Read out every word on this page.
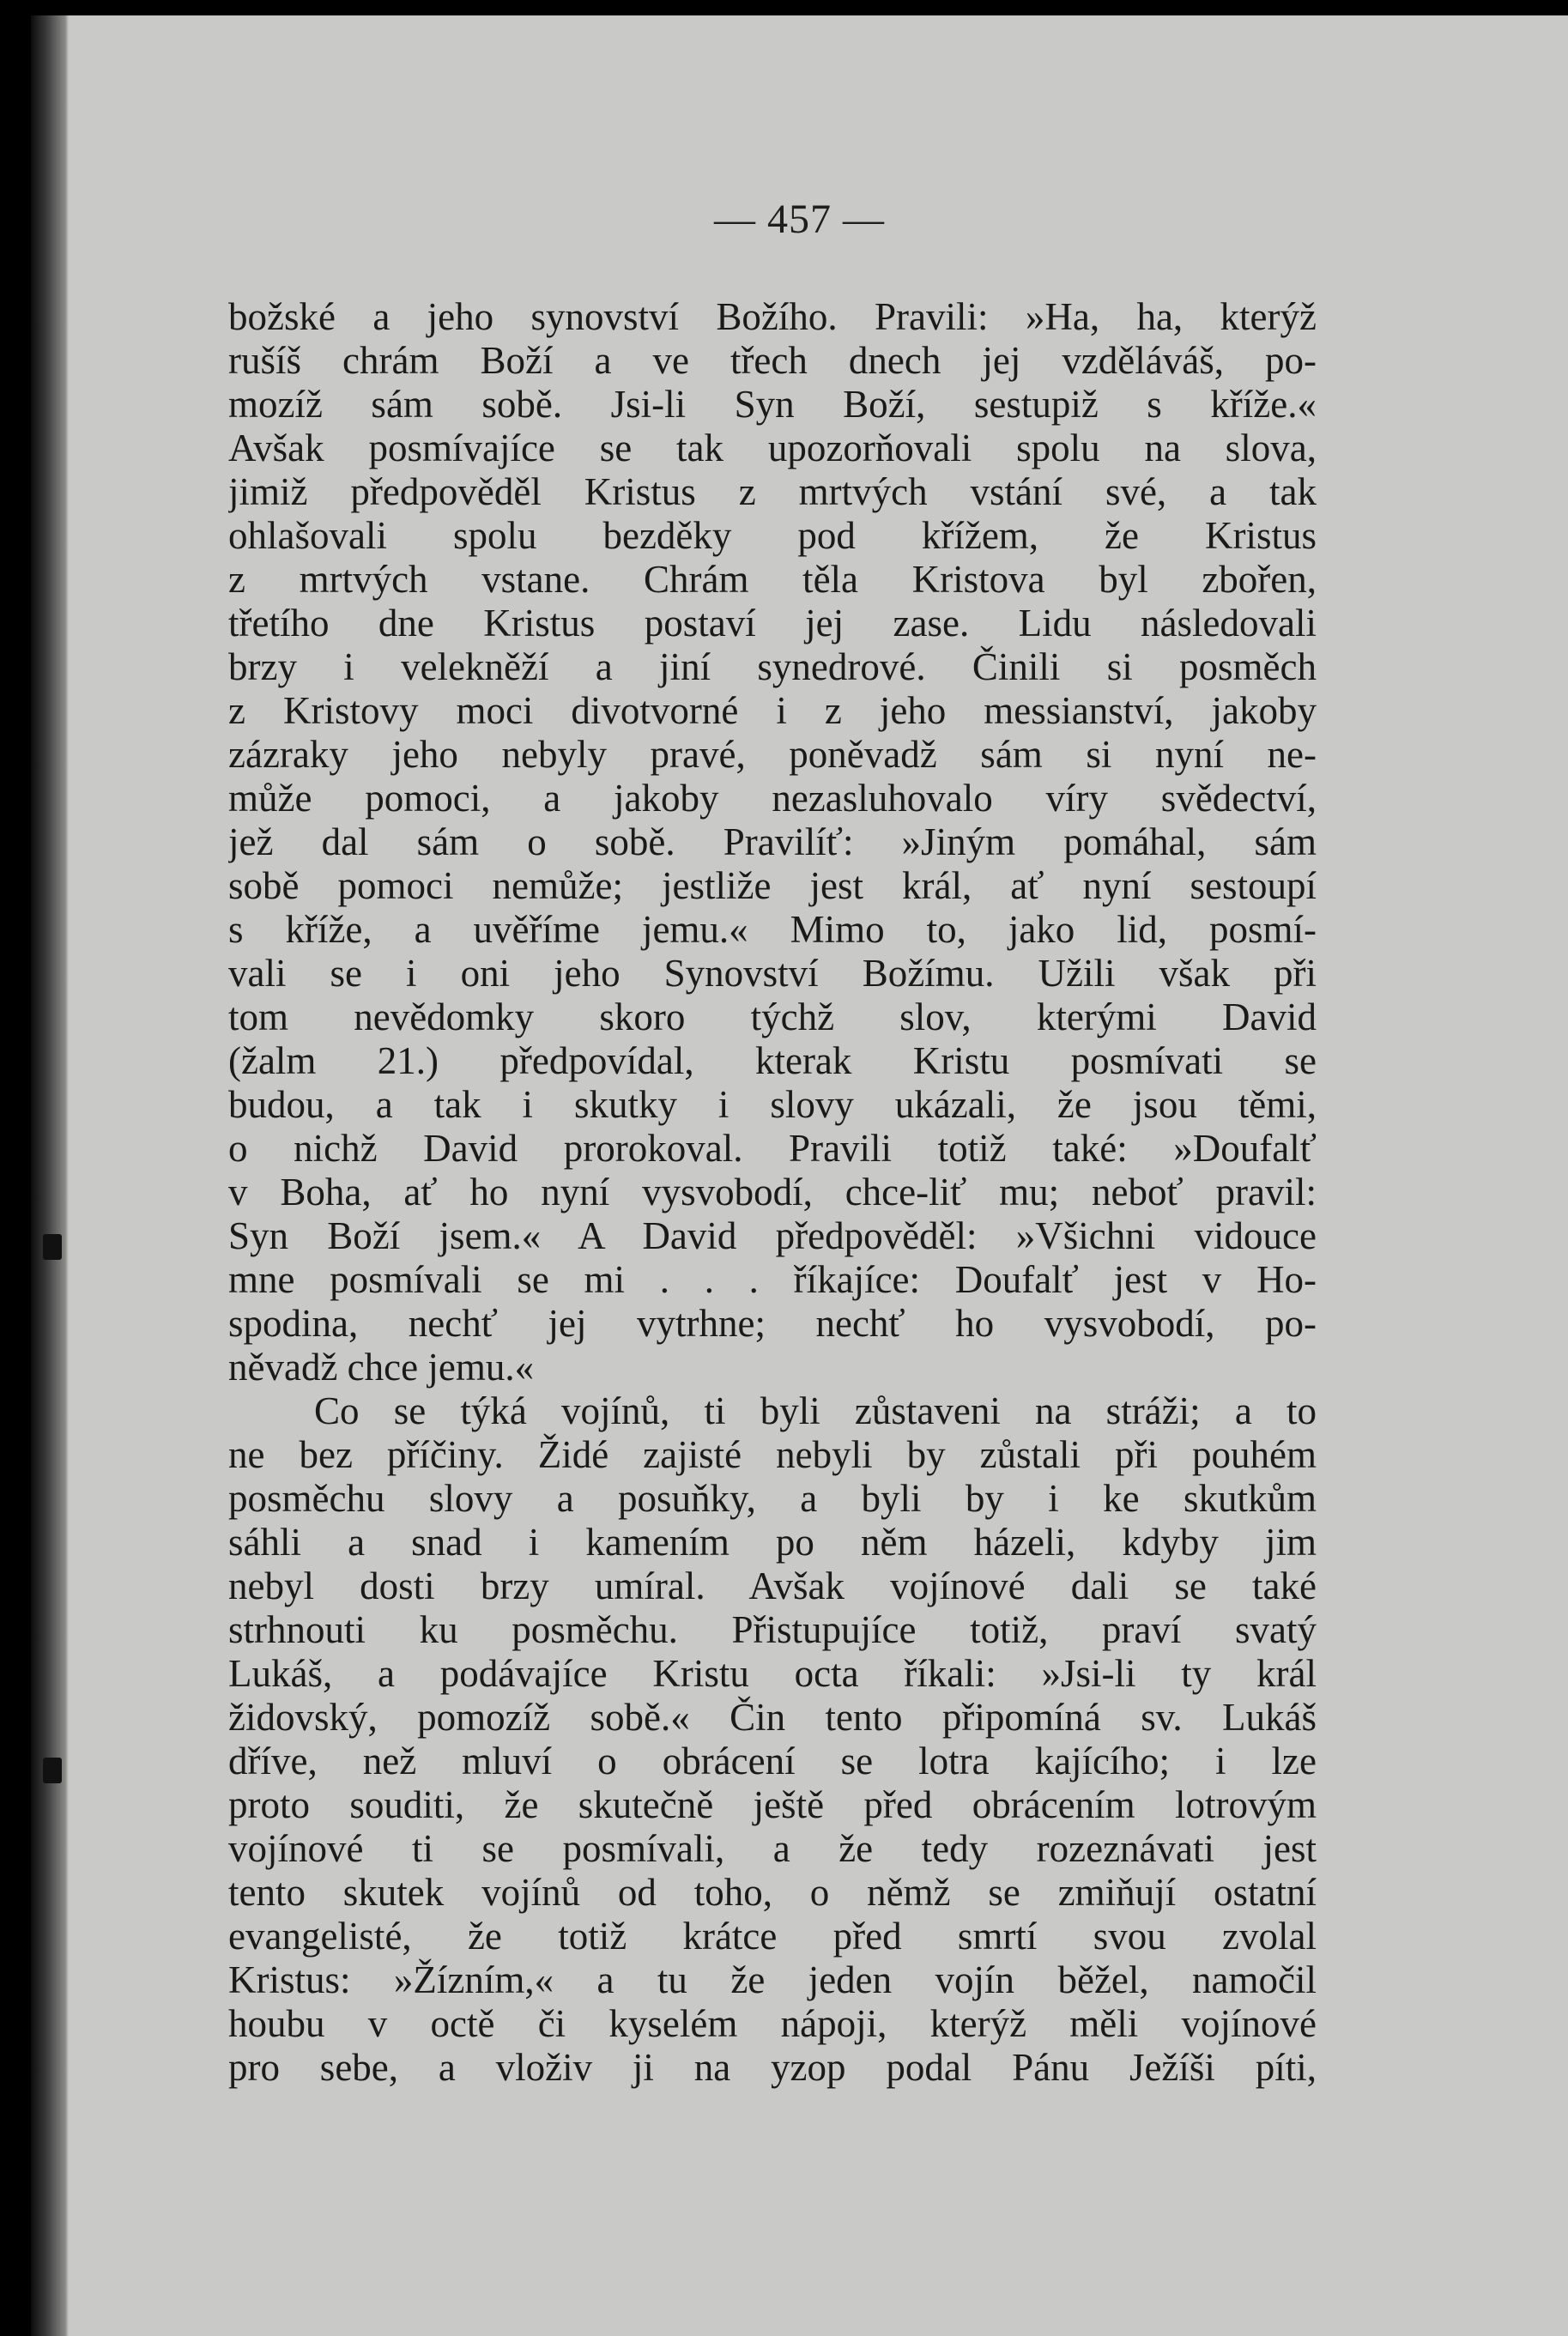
— 457 —
božské a jeho synovství Božího. Pravili: »Ha, ha, kterýž
rušíš chrám Boží a ve třech dnech jej vzděláváš, po-
mozíž sám sobě. Jsi-li Syn Boží, sestupiž s kříže.«
Avšak posmívajíce se tak upozorňovali spolu na slova,
jimiž předpověděl Kristus z mrtvých vstání své, a tak
ohlašovali spolu bezděky pod křížem, že Kristus
z mrtvých vstane. Chrám těla Kristova byl zbořen,
třetího dne Kristus postaví jej zase. Lidu následovali
brzy i velekněží a jiní synedrové. Činili si posměch
z Kristovy moci divotvorné i z jeho messianství, jakoby
zázraky jeho nebyly pravé, poněvadž sám si nyní ne-
může pomoci, a jakoby nezasluhovalo víry svědectví,
jež dal sám o sobě. Pravilíť: »Jiným pomáhal, sám
sobě pomoci nemůže; jestliže jest král, ať nyní sestoupí
s kříže, a uvěříme jemu.« Mimo to, jako lid, posmí-
vali se i oni jeho Synovství Božímu. Užili však při
tom nevědomky skoro týchž slov, kterými David
(žalm 21.) předpovídal, kterak Kristu posmívati se
budou, a tak i skutky i slovy ukázali, že jsou těmi,
o nichž David prorokoval. Pravili totiž také: »Doufalť
v Boha, ať ho nyní vysvobodí, chce-liť mu; neboť pravil:
Syn Boží jsem.« A David předpověděl: »Všichni vidouce
mne posmívali se mi . . . říkajíce: Doufalť jest v Ho-
spodina, nechť jej vytrhne; nechť ho vysvobodí, po-
něvadž chce jemu.«
Co se týká vojínů, ti byli zůstaveni na stráži; a to
ne bez příčiny. Židé zajisté nebyli by zůstali při pouhém
posměchu slovy a posuňky, a byli by i ke skutkům
sáhli a snad i kamením po něm házeli, kdyby jim
nebyl dosti brzy umíral. Avšak vojínové dali se také
strhnouti ku posměchu. Přistupujíce totiž, praví svatý
Lukáš, a podávajíce Kristu octa říkali: »Jsi-li ty král
židovský, pomozíž sobě.« Čin tento připomíná sv. Lukáš
dříve, než mluví o obrácení se lotra kajícího; i lze
proto souditi, že skutečně ještě před obrácením lotrovým
vojínové ti se posmívali, a že tedy rozeznávati jest
tento skutek vojínů od toho, o němž se zmiňují ostatní
evangelisté, že totiž krátce před smrtí svou zvolal
Kristus: »Žízním,« a tu že jeden vojín běžel, namočil
houbu v octě či kyselém nápoji, kterýž měli vojínové
pro sebe, a vloživ ji na yzop podal Pánu Ježíši píti,
